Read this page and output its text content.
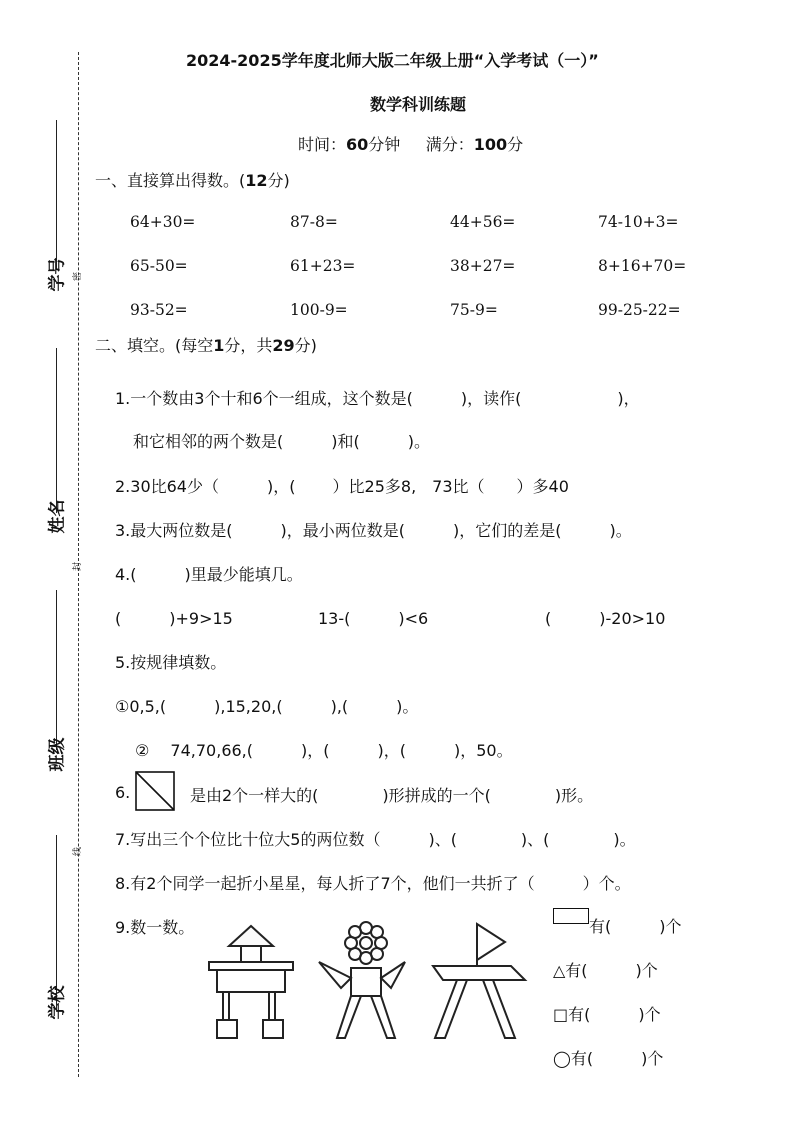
学号 密
姓名
封
班级
线
学校
2024-2025学年度北师大版二年级上册“入学考试（一）”
数学科训练题
时间：60分钟 满分：100分
一、直接算出得数。(12分)
64+30=	87-8=	44+56=	74-10+3=
65-50=	61+23=	38+27=	8+16+70=
93-52=	100-9=	75-9=	99-25-22=
二、填空。(每空1分，共29分)
1.一个数由3个十和6个一组成，这个数是(　　　)，读作(　　　　　　)，
和它相邻的两个数是(　　　)和(　　　)。
2.30比64少（　　　)，(　　 ）比25多8,　73比（　　）多40
3.最大两位数是(　　　)，最小两位数是(　　　)，它们的差是(　　　)。
4.(　　　)里最少能填几。
(　　　)+9>15	13-(　　　)<6	(　　　)-20>10
5.按规律填数。
①0,5,(　　　),15,20,(　　　),(　　　)。
②　 74,70,66,(　　　)，(　　　)，(　　　)，50。
6.	是由2个一样大的(　　　　)形拼成的一个(　　　　)形。
7.写出三个个位比十位大5的两位数（　　　)、(　　　　)、(　　　　)。
8.有2个同学一起折小星星，每人折了7个，他们一共折了（　　　）个。
9.数一数。	有(　　　)个
△有(　　　)个
□有(　　　)个
◯有(　　　)个
